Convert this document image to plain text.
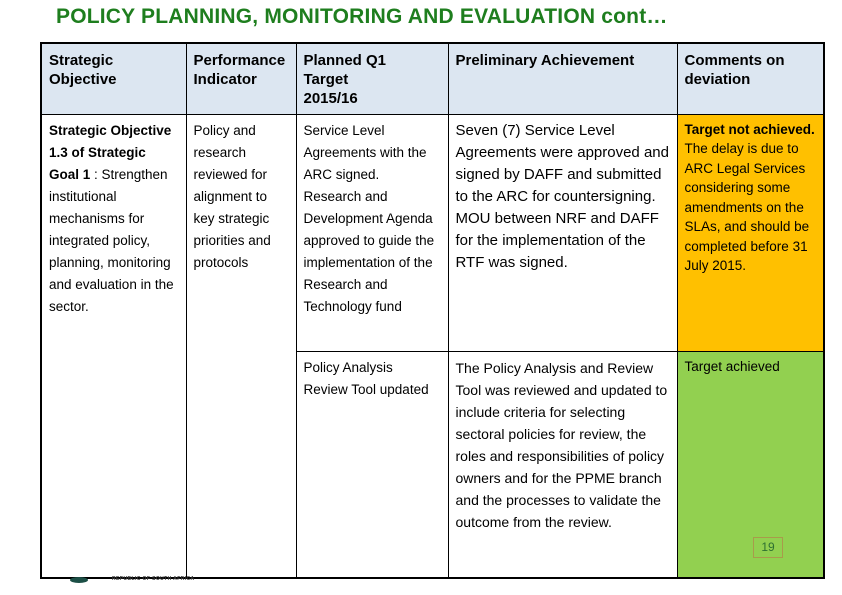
POLICY PLANNING, MONITORING AND EVALUATION cont…
Strategic Objective	Performance Indicator	Planned Q1 Target 2015/16	Preliminary Achievement	Comments on deviation
Strategic Objective 1.3 of Strategic Goal 1 : Strengthen institutional mechanisms for integrated policy, planning, monitoring and evaluation in the sector.	Policy and research reviewed for alignment to key strategic priorities and protocols	Service Level Agreements with the ARC signed. Research and Development Agenda approved to guide the implementation of the Research and Technology fund	Seven (7) Service Level Agreements were approved and signed by DAFF and submitted to the ARC for countersigning. MOU between NRF and DAFF for the implementation of the RTF was signed.	Target not achieved. The delay is due to ARC Legal Services considering some amendments on the SLAs, and should be completed before 31 July 2015.
		Policy Analysis Review Tool updated	The Policy Analysis and Review Tool was reviewed and updated to include criteria for selecting sectoral policies for review, the roles and responsibilities of policy owners and for the PPME branch and the processes to validate the outcome from the review.	Target achieved
19
REPUBLIC OF SOUTH AFRICA
